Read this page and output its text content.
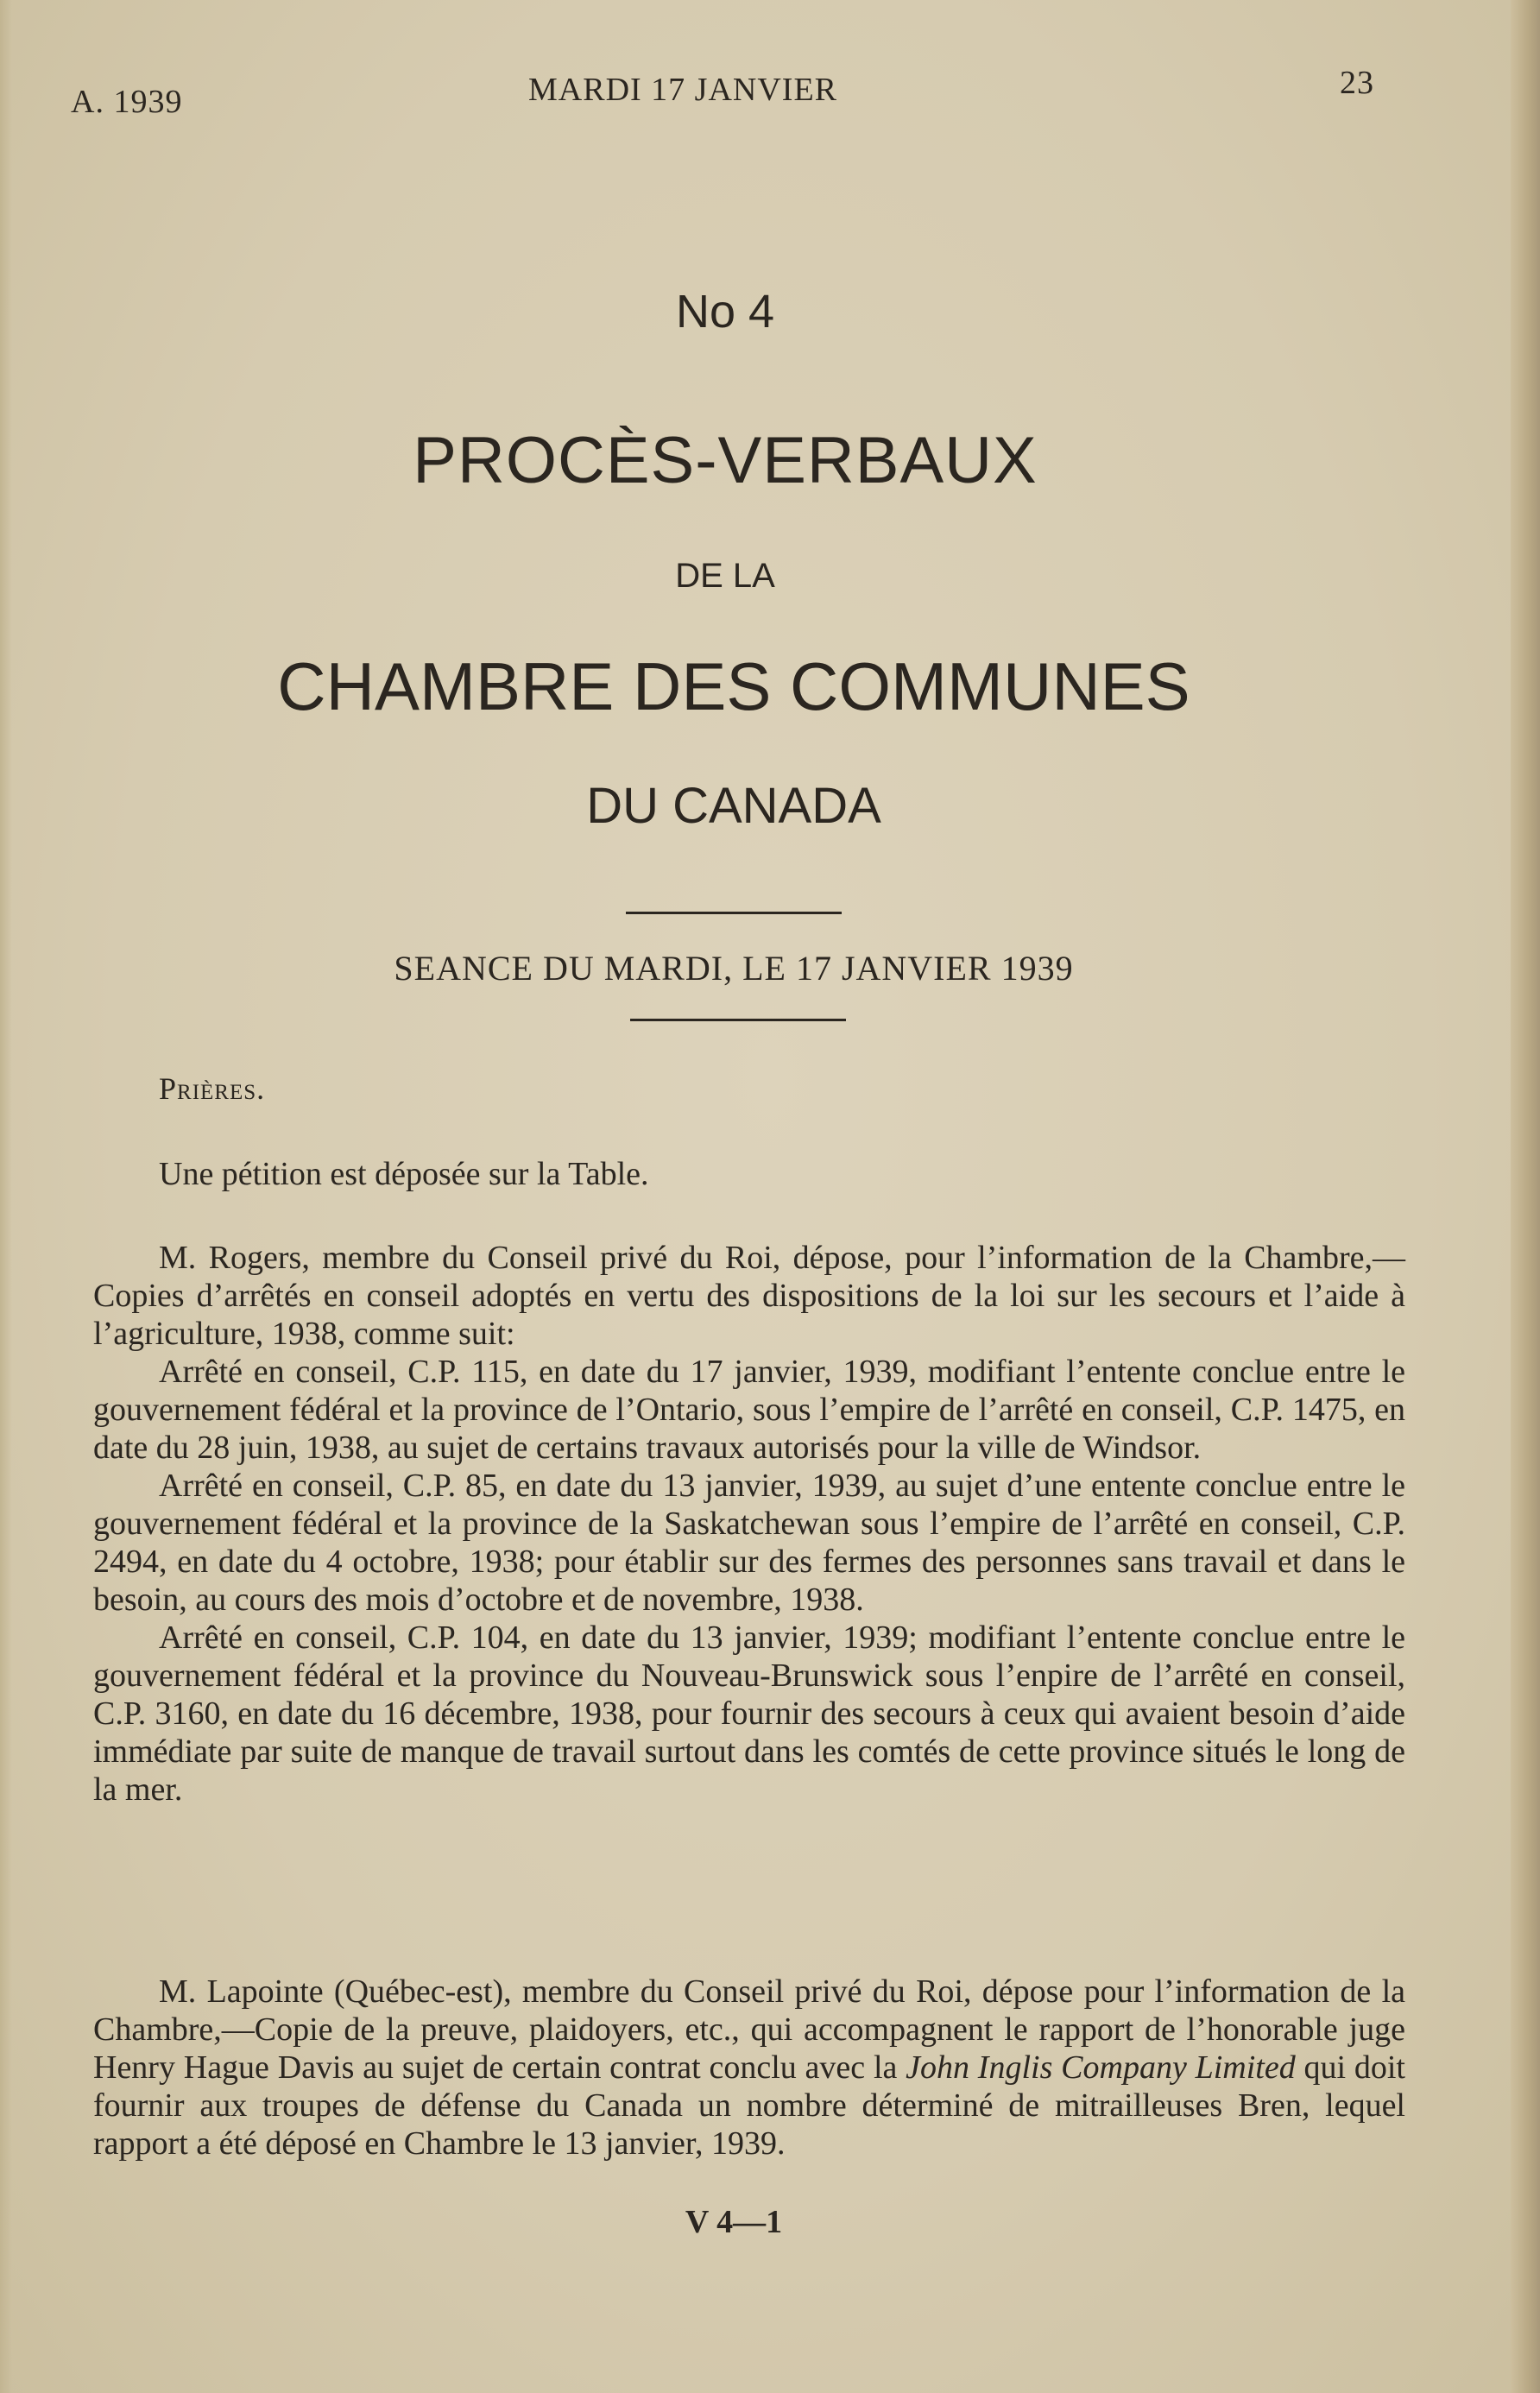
A. 1939	MARDI 17 JANVIER	23
No 4
PROCÈS-VERBAUX
DE LA
CHAMBRE DES COMMUNES
DU CANADA
SEANCE DU MARDI, LE 17 JANVIER 1939
Prières.

Une pétition est déposée sur la Table.

M. Rogers, membre du Conseil privé du Roi, dépose, pour l’information de la Chambre,—Copies d’arrêtés en conseil adoptés en vertu des dispositions de la loi sur les secours et l’aide à l’agriculture, 1938, comme suit:

Arrêté en conseil, C.P. 115, en date du 17 janvier, 1939, modifiant l’entente conclue entre le gouvernement fédéral et la province de l’Ontario, sous l’empire de l’arrêté en conseil, C.P. 1475, en date du 28 juin, 1938, au sujet de certains travaux autorisés pour la ville de Windsor.

Arrêté en conseil, C.P. 85, en date du 13 janvier, 1939, au sujet d’une entente conclue entre le gouvernement fédéral et la province de la Saskatchewan sous l’empire de l’arrêté en conseil, C.P. 2494, en date du 4 octobre, 1938; pour établir sur des fermes des personnes sans travail et dans le besoin, au cours des mois d’octobre et de novembre, 1938.

Arrêté en conseil, C.P. 104, en date du 13 janvier, 1939; modifiant l’entente conclue entre le gouvernement fédéral et la province du Nouveau-Brunswick sous l’enpire de l’arrêté en conseil, C.P. 3160, en date du 16 décembre, 1938, pour fournir des secours à ceux qui avaient besoin d’aide immédiate par suite de manque de travail surtout dans les comtés de cette province situés le long de la mer.

M. Lapointe (Québec-est), membre du Conseil privé du Roi, dépose pour l’information de la Chambre,—Copie de la preuve, plaidoyers, etc., qui accompagnent le rapport de l’honorable juge Henry Hague Davis au sujet de certain contrat conclu avec la John Inglis Company Limited qui doit fournir aux troupes de défense du Canada un nombre déterminé de mitrailleuses Bren, lequel rapport a été déposé en Chambre le 13 janvier, 1939.

V 4—1
